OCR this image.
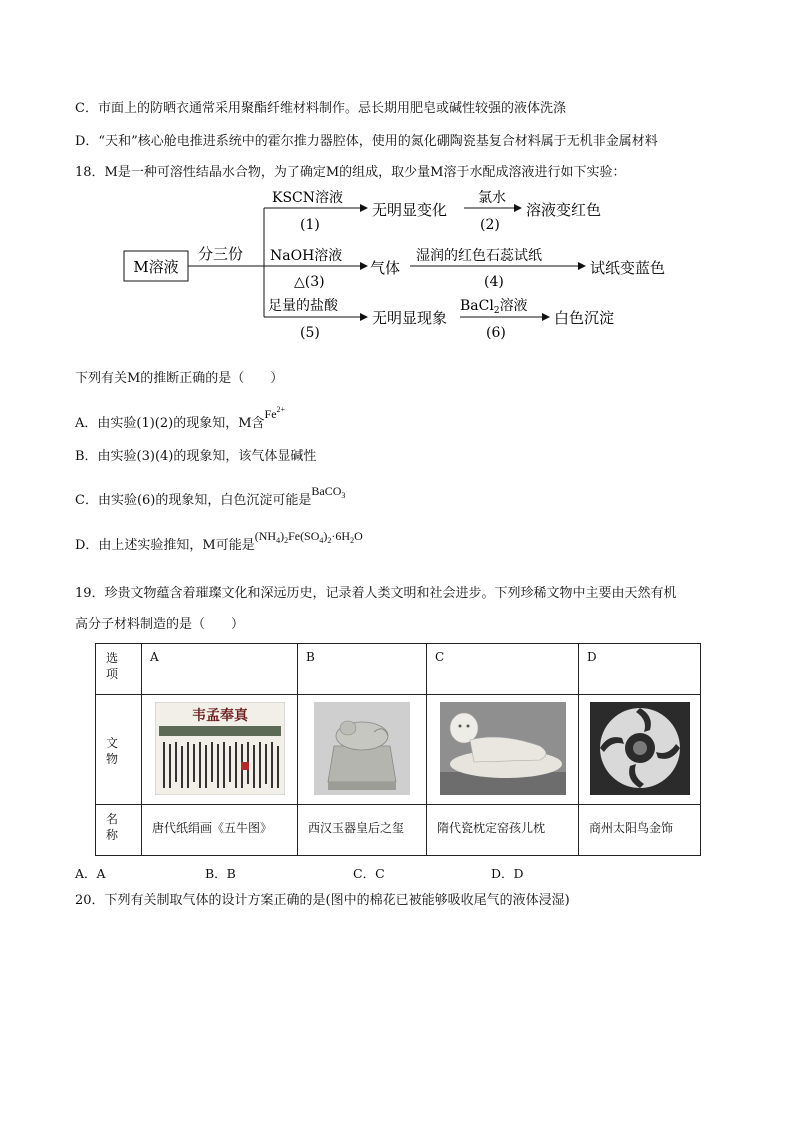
C．市面上的防晒衣通常采用聚酯纤维材料制作。忌长期用肥皂或碱性较强的液体洗涤
D．“天和”核心舱电推进系统中的霍尔推力器腔体，使用的氮化硼陶瓷基复合材料属于无机非金属材料
18．M是一种可溶性结晶水合物，为了确定M的组成，取少量M溶于水配成溶液进行如下实验：
M溶液
分三份
KSCN溶液
(1)
无明显变化
氯水
(2)
溶液变红色
NaOH溶液
△(3)
气体
湿润的红色石蕊试纸
(4)
试纸变蓝色
足量的盐酸
(5)
无明显现象
BaCl$_2$溶液
(6)
白色沉淀
下列有关M的推断正确的是（　　）
A．由实验(1)(2)的现象知，M含$Fe^{2+}$
B．由实验(3)(4)的现象知，该气体显碱性
C．由实验(6)的现象知，白色沉淀可能是BaCO$_3$
D．由上述实验推知，M可能是$(NH_4)_2Fe(SO_4)_2\cdot 6H_2O$
19．珍贵文物蕴含着璀璨文化和深远历史，记录着人类文明和社会进步。下列珍稀文物中主要由天然有机
高分子材料制造的是（　　）
选
项	A	B	C	D

文
物	韦孟奉真

名
称	唐代纸绢画《五牛图》	西汉玉器皇后之玺	隋代瓷枕定窑孩儿枕	商州太阳鸟金饰
A．A	B．B	C．C	D．D
20．下列有关制取气体的设计方案正确的是(图中的棉花已被能够吸收尾气的液体浸湿)
